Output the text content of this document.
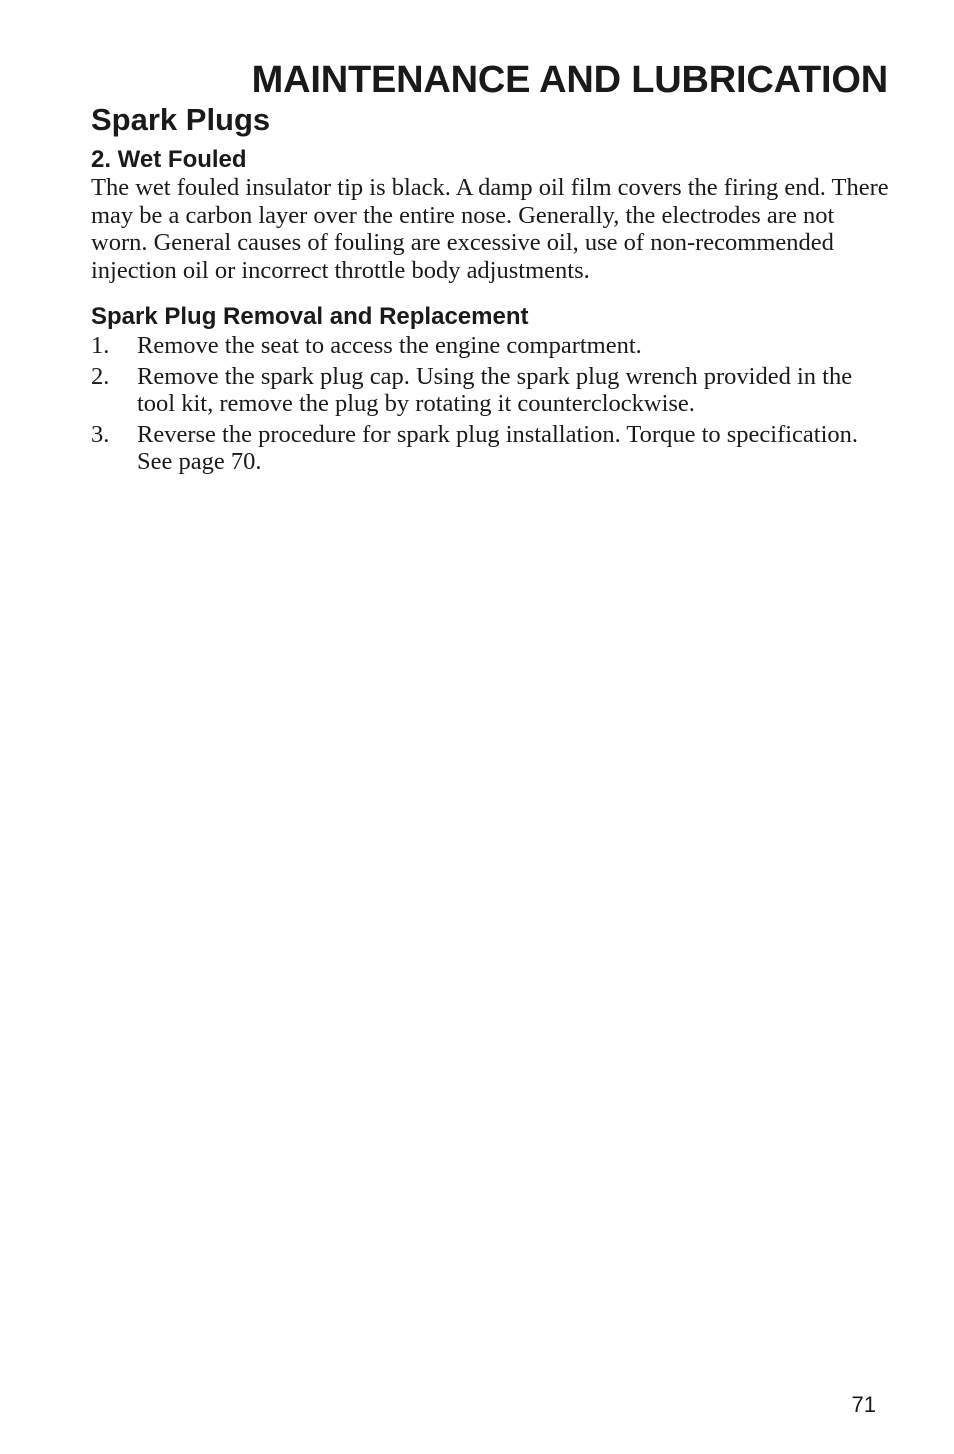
MAINTENANCE AND LUBRICATION
Spark Plugs
2. Wet Fouled

The wet fouled insulator tip is black. A damp oil film covers the firing end. There may be a carbon layer over the entire nose. Generally, the electrodes are not worn. General causes of fouling are excessive oil, use of non-recommended injection oil or incorrect throttle body adjustments.

Spark Plug Removal and Replacement
1.	Remove the seat to access the engine compartment.
2.	Remove the spark plug cap. Using the spark plug wrench provided in the tool kit, remove the plug by rotating it counterclockwise.
3.	Reverse the procedure for spark plug installation. Torque to specification. See page 70.
71
